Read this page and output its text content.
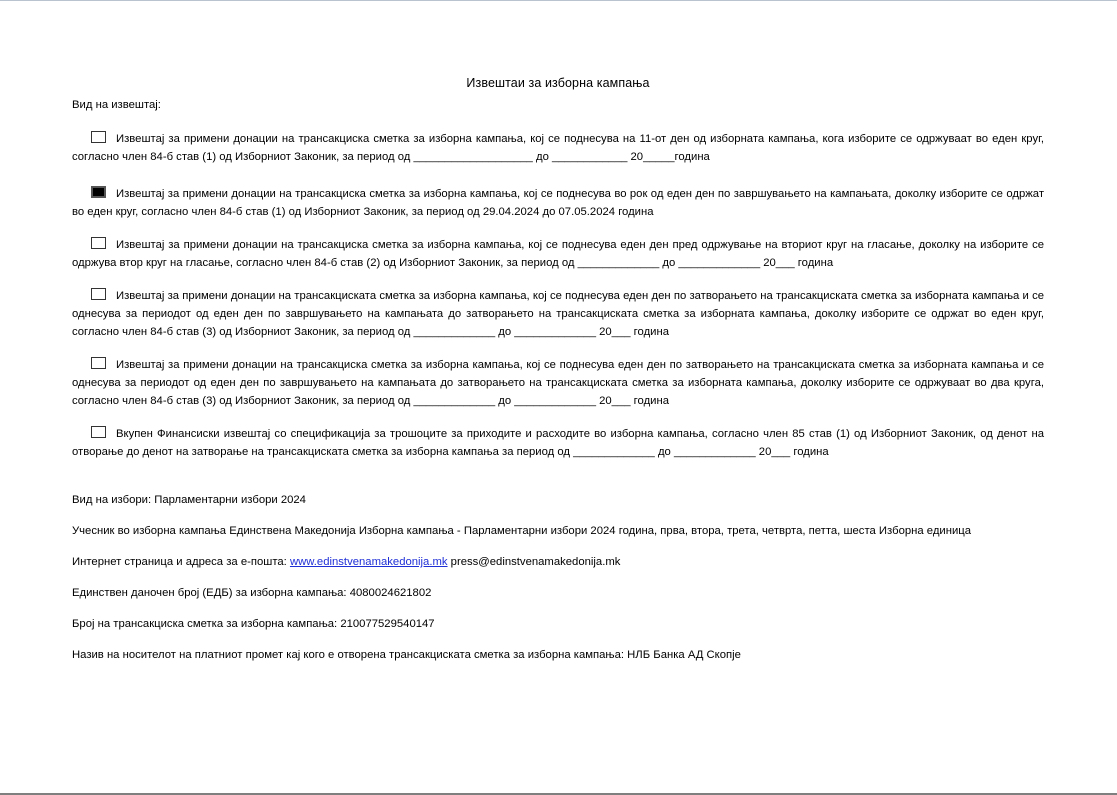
Извештаи за изборна кампања
Вид на извештај:
Извештај за примени донации на трансакциска сметка за изборна кампања, кој се поднесува на 11-от ден од изборната кампања, кога изборите се одржуваат во еден круг, согласно член 84-б став (1) од Изборниот Законик, за период од ___________________ до ____________ 20_____година
Извештај за примени донации на трансакциска сметка за изборна кампања, кој се поднесува во рок од еден ден по завршувањето на кампањата, доколку изборите се одржат во еден круг, согласно член 84-б став (1) од Изборниот Законик, за период од 29.04.2024 до 07.05.2024 година
Извештај за примени донации на трансакциска сметка за изборна кампања, кој се поднесува еден ден пред одржување на вториот круг на гласање, доколку на изборите се одржува втор круг на гласање, согласно член 84-б став (2) од Изборниот Законик, за период од _____________ до _____________ 20___ година
Извештај за примени донации на трансакциската сметка за изборна кампања, кој се поднесува еден ден по затворањето на трансакциската сметка за изборната кампања и се однесува за периодот од еден ден по завршувањето на кампањата до затворањето на трансакциската сметка за изборната кампања, доколку изборите се одржат во еден круг, согласно член 84-б став (3) од Изборниот Законик, за период од _____________ до _____________ 20___ година
Извештај за примени донации на трансакциска сметка за изборна кампања, кој се поднесува еден ден по затворањето на трансакциската сметка за изборната кампања и се однесува за периодот од еден ден по завршувањето на кампањата до затворањето на трансакциската сметка за изборната кампања, доколку изборите се одржуваат во два круга, согласно член 84-б став (3) од Изборниот Законик, за период од _____________ до _____________ 20___ година
Вкупен Финансиски извештај со спецификација за трошоците за приходите и расходите во изборна кампања, согласно член 85 став (1) од Изборниот Законик, од денот на отворање до денот на затворање на трансакциската сметка за изборна кампања за период од _____________ до _____________ 20___ година
Вид на избори: Парламентарни избори 2024
Учесник во изборна кампања Единствена Македонија Изборна кампања - Парламентарни избори 2024 година, прва, втора, трета, четврта, петта, шеста Изборна единица
Интернет страница и адреса за е-пошта: www.edinstvenamakedonija.mk press@edinstvenamakedonija.mk
Единствен даночен број (ЕДБ) за изборна кампања: 4080024621802
Број на трансакциска сметка за изборна кампања: 210077529540147
Назив на носителот на платниот промет кај кого е отворена трансакциската сметка за изборна кампања: НЛБ Банка АД Скопје
